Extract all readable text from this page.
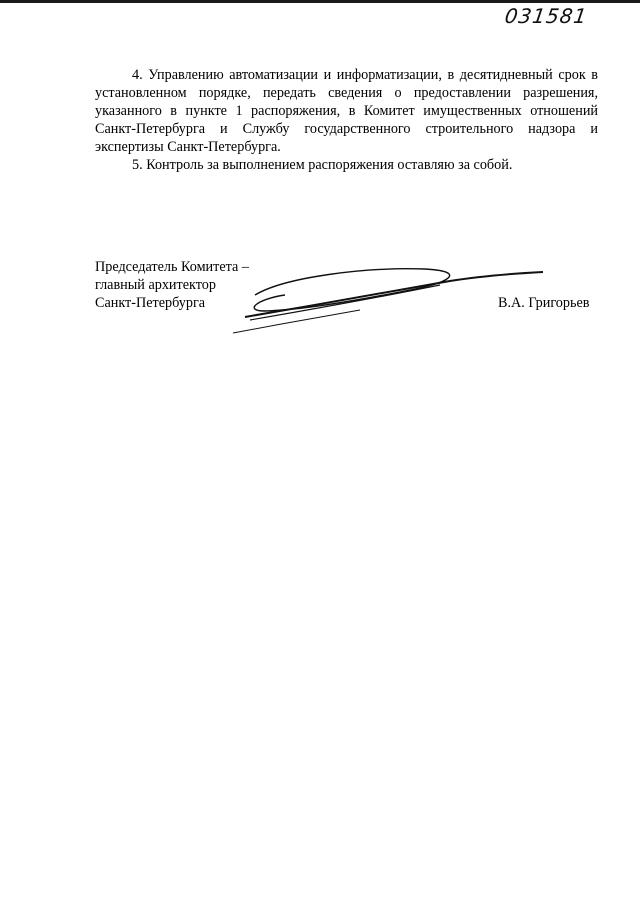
031581

4. Управлению автоматизации и информатизации, в десятидневный срок в установленном порядке, передать сведения о предоставлении разрешения, указанного в пункте 1 распоряжения, в Комитет имущественных отношений Санкт-Петербурга и Службу государственного строительного надзора и экспертизы Санкт-Петербурга.

5. Контроль за выполнением распоряжения оставляю за собой.

Председатель Комитета –
главный архитектор
Санкт-Петербурга	В.А. Григорьев
